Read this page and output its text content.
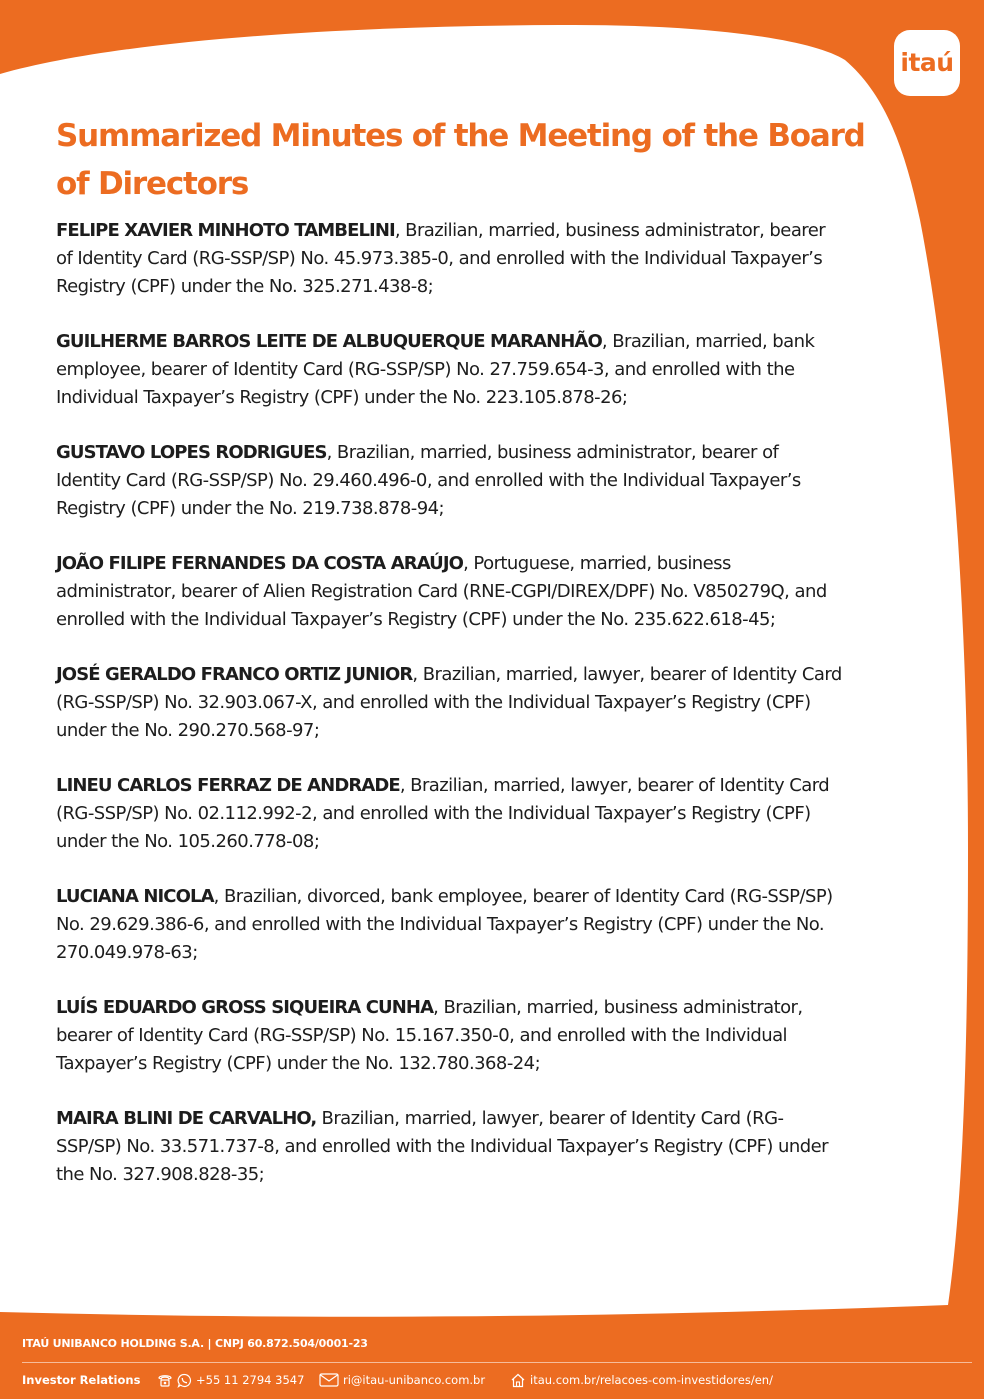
itaú
Summarized Minutes of the Meeting of the Board of Directors
FELIPE XAVIER MINHOTO TAMBELINI, Brazilian, married, business administrator, bearer of Identity Card (RG-SSP/SP) No. 45.973.385-0, and enrolled with the Individual Taxpayer’s Registry (CPF) under the No. 325.271.438-8;
GUILHERME BARROS LEITE DE ALBUQUERQUE MARANHÃO, Brazilian, married, bank employee, bearer of Identity Card (RG-SSP/SP) No. 27.759.654-3, and enrolled with the Individual Taxpayer’s Registry (CPF) under the No. 223.105.878-26;
GUSTAVO LOPES RODRIGUES, Brazilian, married, business administrator, bearer of Identity Card (RG-SSP/SP) No. 29.460.496-0, and enrolled with the Individual Taxpayer’s Registry (CPF) under the No. 219.738.878-94;
JOÃO FILIPE FERNANDES DA COSTA ARAÚJO, Portuguese, married, business administrator, bearer of Alien Registration Card (RNE-CGPI/DIREX/DPF) No. V850279Q, and enrolled with the Individual Taxpayer’s Registry (CPF) under the No. 235.622.618-45;
JOSÉ GERALDO FRANCO ORTIZ JUNIOR, Brazilian, married, lawyer, bearer of Identity Card (RG-SSP/SP) No. 32.903.067-X, and enrolled with the Individual Taxpayer’s Registry (CPF) under the No. 290.270.568-97;
LINEU CARLOS FERRAZ DE ANDRADE, Brazilian, married, lawyer, bearer of Identity Card (RG-SSP/SP) No. 02.112.992-2, and enrolled with the Individual Taxpayer’s Registry (CPF) under the No. 105.260.778-08;
LUCIANA NICOLA, Brazilian, divorced, bank employee, bearer of Identity Card (RG-SSP/SP) No. 29.629.386-6, and enrolled with the Individual Taxpayer’s Registry (CPF) under the No. 270.049.978-63;
LUÍS EDUARDO GROSS SIQUEIRA CUNHA, Brazilian, married, business administrator, bearer of Identity Card (RG-SSP/SP) No. 15.167.350-0, and enrolled with the Individual Taxpayer’s Registry (CPF) under the No. 132.780.368-24;
MAIRA BLINI DE CARVALHO, Brazilian, married, lawyer, bearer of Identity Card (RG-SSP/SP) No. 33.571.737-8, and enrolled with the Individual Taxpayer’s Registry (CPF) under the No. 327.908.828-35;
ITAÚ UNIBANCO HOLDING S.A. | CNPJ 60.872.504/0001-23
Investor Relations	+55 11 2794 3547	ri@itau-unibanco.com.br	itau.com.br/relacoes-com-investidores/en/
